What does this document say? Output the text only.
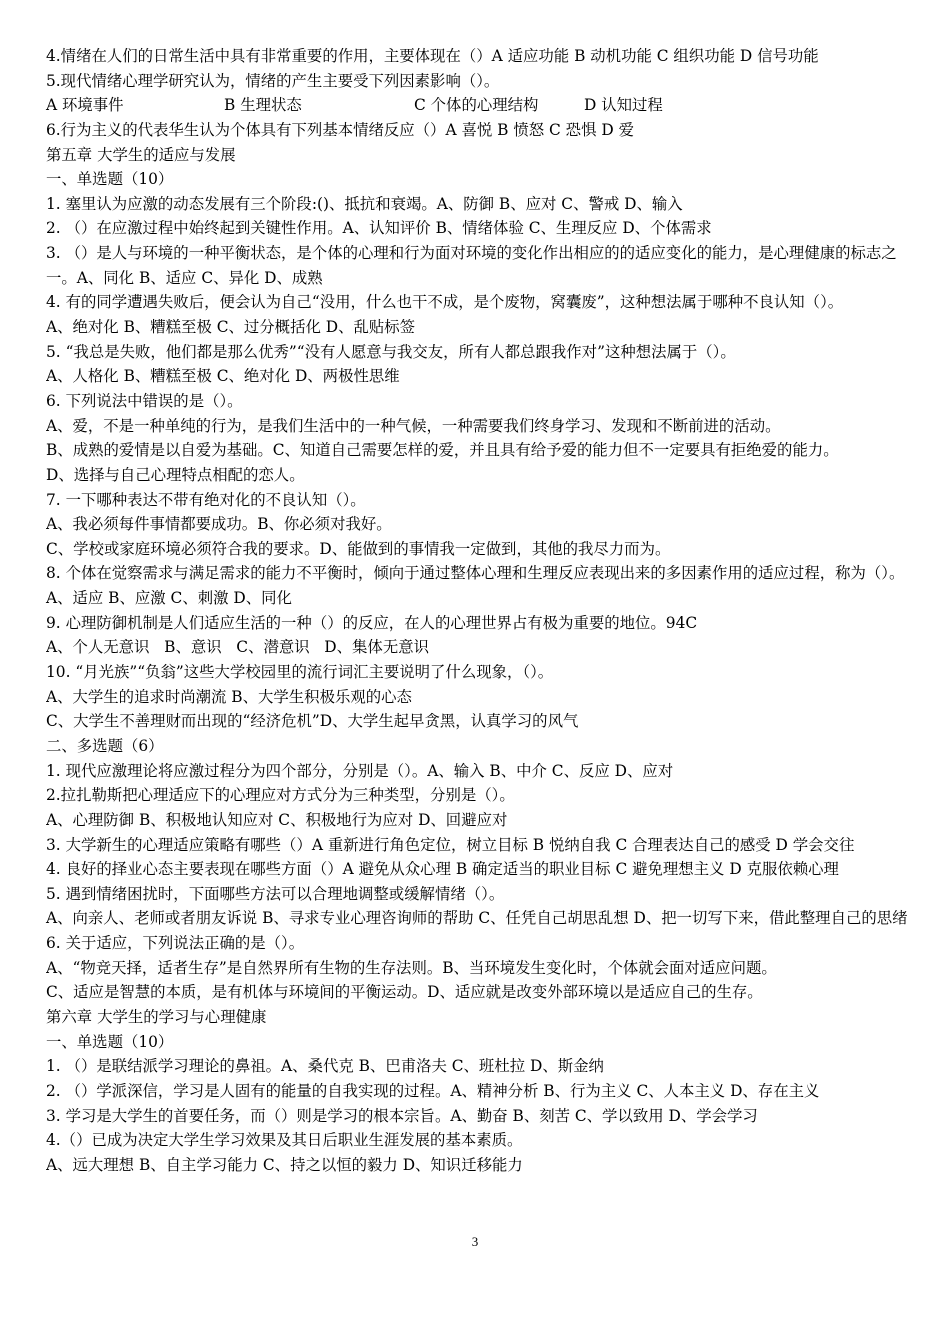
4.情绪在人们的日常生活中具有非常重要的作用，主要体现在（）A 适应功能 B 动机功能 C 组织功能 D 信号功能
5.现代情绪心理学研究认为，情绪的产生主要受下列因素影响（）。
A 环境事件	B 生理状态	C 个体的心理结构	D 认知过程
6.行为主义的代表华生认为个体具有下列基本情绪反应（）A 喜悦 B 愤怒 C 恐惧 D 爱
第五章 大学生的适应与发展
一、单选题（10）
1. 塞里认为应激的动态发展有三个阶段:()、抵抗和衰竭。A、防御 B、应对 C、警戒 D、输入
2. （）在应激过程中始终起到关键性作用。A、认知评价 B、情绪体验 C、生理反应 D、个体需求
3. （）是人与环境的一种平衡状态，是个体的心理和行为面对环境的变化作出相应的的适应变化的能力，是心理健康的标志之一。A、同化 B、适应 C、异化 D、成熟
4. 有的同学遭遇失败后，便会认为自己“没用，什么也干不成，是个废物，窝囊废”，这种想法属于哪种不良认知（）。
A、绝对化 B、糟糕至极 C、过分概括化 D、乱贴标签
5. “我总是失败，他们都是那么优秀”“没有人愿意与我交友，所有人都总跟我作对”这种想法属于（）。
A、人格化 B、糟糕至极 C、绝对化 D、两极性思维
6. 下列说法中错误的是（）。
A、爱，不是一种单纯的行为，是我们生活中的一种气候，一种需要我们终身学习、发现和不断前进的活动。
B、成熟的爱情是以自爱为基础。C、知道自己需要怎样的爱，并且具有给予爱的能力但不一定要具有拒绝爱的能力。
D、选择与自己心理特点相配的恋人。
7. 一下哪种表达不带有绝对化的不良认知（）。
A、我必须每件事情都要成功。B、你必须对我好。
C、学校或家庭环境必须符合我的要求。D、能做到的事情我一定做到，其他的我尽力而为。
8. 个体在觉察需求与满足需求的能力不平衡时，倾向于通过整体心理和生理反应表现出来的多因素作用的适应过程，称为（）。A、适应 B、应激 C、刺激 D、同化
9. 心理防御机制是人们适应生活的一种（）的反应，在人的心理世界占有极为重要的地位。94C
A、个人无意识   B、意识   C、潜意识   D、集体无意识
10. “月光族”“负翁”这些大学校园里的流行词汇主要说明了什么现象，（）。
A、大学生的追求时尚潮流 B、大学生积极乐观的心态
C、大学生不善理财而出现的“经济危机”D、大学生起早贪黑，认真学习的风气
二、多选题（6）
1. 现代应激理论将应激过程分为四个部分，分别是（）。A、输入 B、中介 C、反应 D、应对
2.拉扎勒斯把心理适应下的心理应对方式分为三种类型，分别是（）。
A、心理防御 B、积极地认知应对 C、积极地行为应对 D、回避应对
3. 大学新生的心理适应策略有哪些（）A 重新进行角色定位，树立目标 B 悦纳自我 C 合理表达自己的感受 D 学会交往
4. 良好的择业心态主要表现在哪些方面（）A 避免从众心理 B 确定适当的职业目标 C 避免理想主义 D 克服依赖心理
5. 遇到情绪困扰时，下面哪些方法可以合理地调整或缓解情绪（）。
A、向亲人、老师或者朋友诉说 B、寻求专业心理咨询师的帮助 C、任凭自己胡思乱想 D、把一切写下来，借此整理自己的思绪
6. 关于适应，下列说法正确的是（）。
A、“物竞天择，适者生存”是自然界所有生物的生存法则。B、当环境发生变化时，个体就会面对适应问题。
C、适应是智慧的本质，是有机体与环境间的平衡运动。D、适应就是改变外部环境以是适应自己的生存。
第六章 大学生的学习与心理健康
一、单选题（10）
1. （）是联结派学习理论的鼻祖。A、桑代克 B、巴甫洛夫 C、班杜拉 D、斯金纳
2. （）学派深信，学习是人固有的能量的自我实现的过程。A、精神分析 B、行为主义 C、人本主义 D、存在主义
3. 学习是大学生的首要任务，而（）则是学习的根本宗旨。A、勤奋 B、刻苦 C、学以致用 D、学会学习
4.（）已成为决定大学生学习效果及其日后职业生涯发展的基本素质。
A、远大理想 B、自主学习能力 C、持之以恒的毅力 D、知识迁移能力
3
